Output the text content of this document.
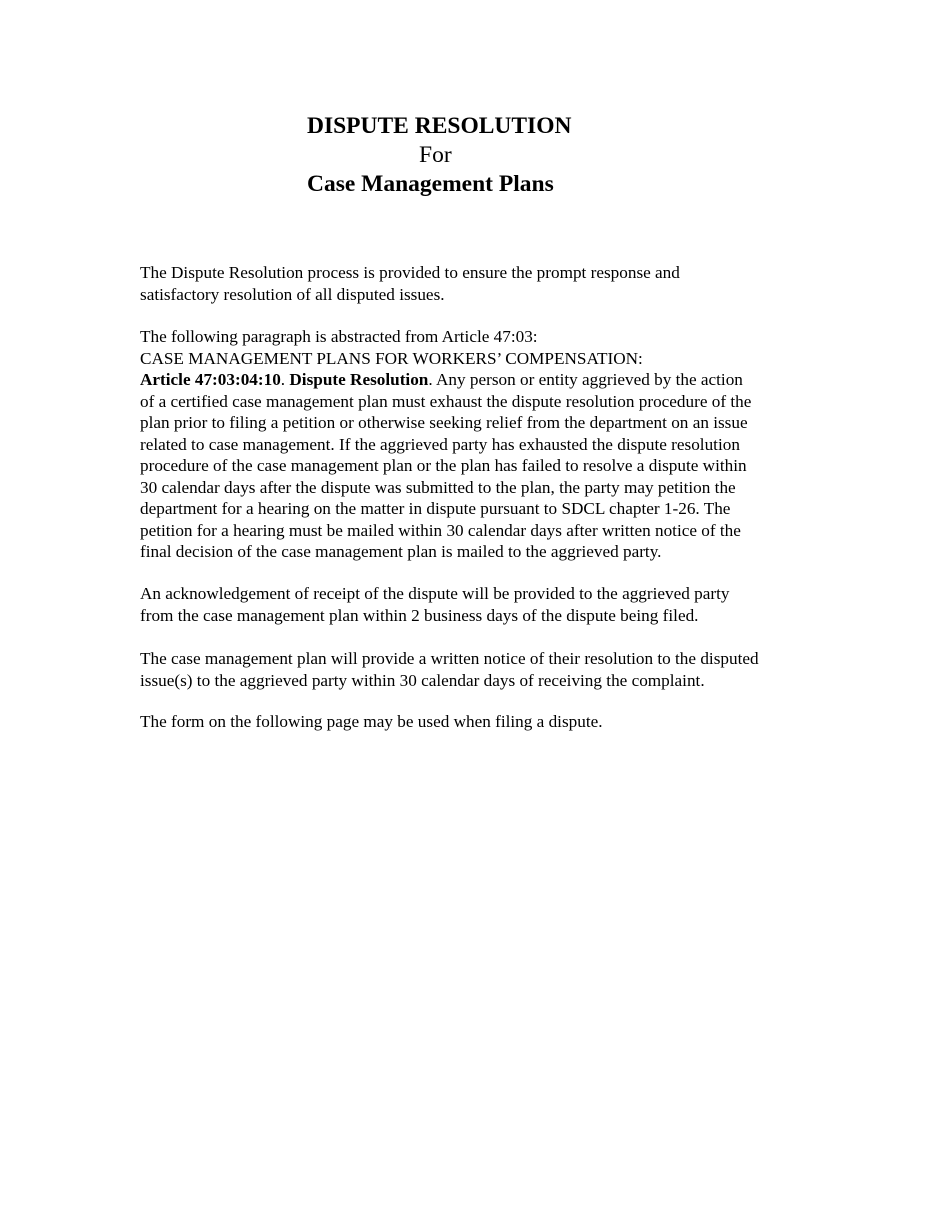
DISPUTE RESOLUTION
For
Case Management Plans

The Dispute Resolution process is provided to ensure the prompt response and
satisfactory resolution of all disputed issues.

The following paragraph is abstracted from Article 47:03:
CASE MANAGEMENT PLANS FOR WORKERS’ COMPENSATION:
Article 47:03:04:10. Dispute Resolution. Any person or entity aggrieved by the action
of a certified case management plan must exhaust the dispute resolution procedure of the
plan prior to filing a petition or otherwise seeking relief from the department on an issue
related to case management. If the aggrieved party has exhausted the dispute resolution
procedure of the case management plan or the plan has failed to resolve a dispute within
30 calendar days after the dispute was submitted to the plan, the party may petition the
department for a hearing on the matter in dispute pursuant to SDCL chapter 1-26. The
petition for a hearing must be mailed within 30 calendar days after written notice of the
final decision of the case management plan is mailed to the aggrieved party.

An acknowledgement of receipt of the dispute will be provided to the aggrieved party
from the case management plan within 2 business days of the dispute being filed.

The case management plan will provide a written notice of their resolution to the disputed
issue(s) to the aggrieved party within 30 calendar days of receiving the complaint.

The form on the following page may be used when filing a dispute.
